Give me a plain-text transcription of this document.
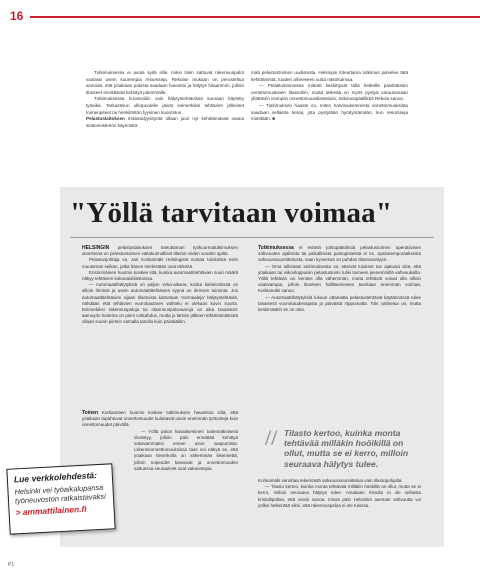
16

Tutkimuksessa ei avata syitä sille, miksi öisin sattuvat rakennuspalot vaativat usein suurempia resursseja. Rekolan mukaan on perusteltua arvioida, että yöaikaan palosta saadaan havainto ja hälytys hitaammin, jolloin tilanteet ennättävät kehittyä pitemmälle.

Tutkimuksessa huomioiliin vain hälytystehtävissä suoraan käytetty työaika. Tarkastelun ulkopuolelle jäivät esimerkiksi tehtävien jälkeiset toimenpiteet tai henkilöstön fyysinen kuormitus.

Pelastuslaitoksen riskianalyysityötä ollaan juuri nyt kehittämässä osana sisäministeriön käynnistä-

mää pelastustoimen uudistusta. Helsingin toteuttama tutkimus palvelee tätä kehittämistä, tuoden aiheeseen uutta näkökulmaa.

— Pelastustoimessa mittarit keskittyvät tällä hetkellä päivittäisten onnettomuuksien tilastoihin, mutta tärkeää on myös pystyä varautumaan yllättäviin isompiin onnettomuustilanteisiin, tutkimuspäällikkö Rekola sanoo.

— Tutkimuksen haaste on, miten harvinaisemmista onnettomuuksista saadaan sellaista tietoa, jota pystytään hyödyntämään, kun resursseja mietitään. ■

"Yöllä tarvitaan voimaa"

HELSINGIN pelastuslaitoksen toteuttaman työkuormatutkimuksen aineistona on pelastustoimen valtakunnalliset tilastot viiden vuoden ajalta.

Pelastusjohtaja va. Jari Korkiamäki Helsingistä nostaa tuloksista esiin muutaman seikan, jotka hänen mielestään ovat tärkeitä.

Ensimmäinen huomio koskee sitä, kuinka automaattitehtävien suuri määrä näkyy tehtävien kokonaistilastoissa.

— Automaattihälytyksiä on paljon virka-aikana, koska kiinteistöissä on silloin ihmisiä ja usein automaattitehtävien syynä on ihmisen toiminta. Jos automaattitehtävien sijaan tilastoista katsotaan 'normaaleja' hälytystehtäviä, nähdään että tehtävien vuorokautinen vaihtelu ei olekaan kovin suurta. Esimerkiksi rakennuspaloja tai rakennuspalovaaroja on aika tasaisesti: aamuyön tunteina on pieni notkahdus, mutta jo tämän jälkeen tehtävämääristä ollaan suurin piirtein samalla tasolla kuin päiväläikin.

Toinen Korkiamäen huomio koskee tutkimuksen havaintoa siitä, että yöaikaan tapahtuvat onnettomuudet kuluttavat usein enemmän työtunteja kuin onnettomuudet päivällä.

— Yöllä palon havaitseminen todennäköisesti viivästyy, jolloin palo ennättää kehittyä vakavammaksi ennen avun saapumista. Liikenneonnettomuuksissa taas voi näkyä se, että yöaikaan tieverkolla on vähemmän liikennettä, jolloin nopeudet kasvavat ja onnettomuuden sattuessa seuraukset ovat vakavampia.

Tutkimuksessa ei esitetä johtopäätöksiä pelastustoimen operatiivisen vahvuuden ajalisista tai paikallisista painopisteistä ei ns. spatiotemporaalisesta vahvuussuunnittelusta, vaan kyseessä on puhdas tilastoanalyysi.

— Oma tulkintani tutkimuksesta on, etteivät tulokset tue ajatusta siitä, että yöaikaan tai viikonloppuisin pelastustoimi tulisi toimeen pienemmillä vahvuuksilla. Yöllä tehtäviä voi kenties olla vähemmän, mutta tehtävät voivat olla silloin vaativampia, jolloin tilanteen hallitsemiseen tarvitaan enemmän voimaa, Korkiamäki sanoo.

— Automaattihälytyksiä lukuun ottamatta pelastustehtäviä käytännössä tulee tasaisesti vuorokaudenajasta ja päivästä riippumatta. Toki vaihtelua on, mutta keskimäärin se on näin.

// Tilasto kertoo, kuinka monta tehtävää milläkin hoöikillä on ollut, mutta se ei kerro, milloin seuraava hälytys tulee.

Korkiamäki varoittaa tekemästä vahvuussuunnittelua vain tilastopohjalta.

— Tilasto kertoo, kuinka monta tehtävää milläkin höökillä on ollut, mutta se ei kerro, milloin seuraava hälytys tulee. Ainakaan minulla ei ole sellaista kristallipalloa, että voisin sanoa, missä päin Helsinkiä aseman vahvuutta voi yölksi helkentää siksi, että rakennuspaloa ei ole tulossa.

Lue verkkolehdestä:
Helsinki vei työaikalupansa työneuvoston ratkaistavaksi
> ammattilainen.fi
P1
